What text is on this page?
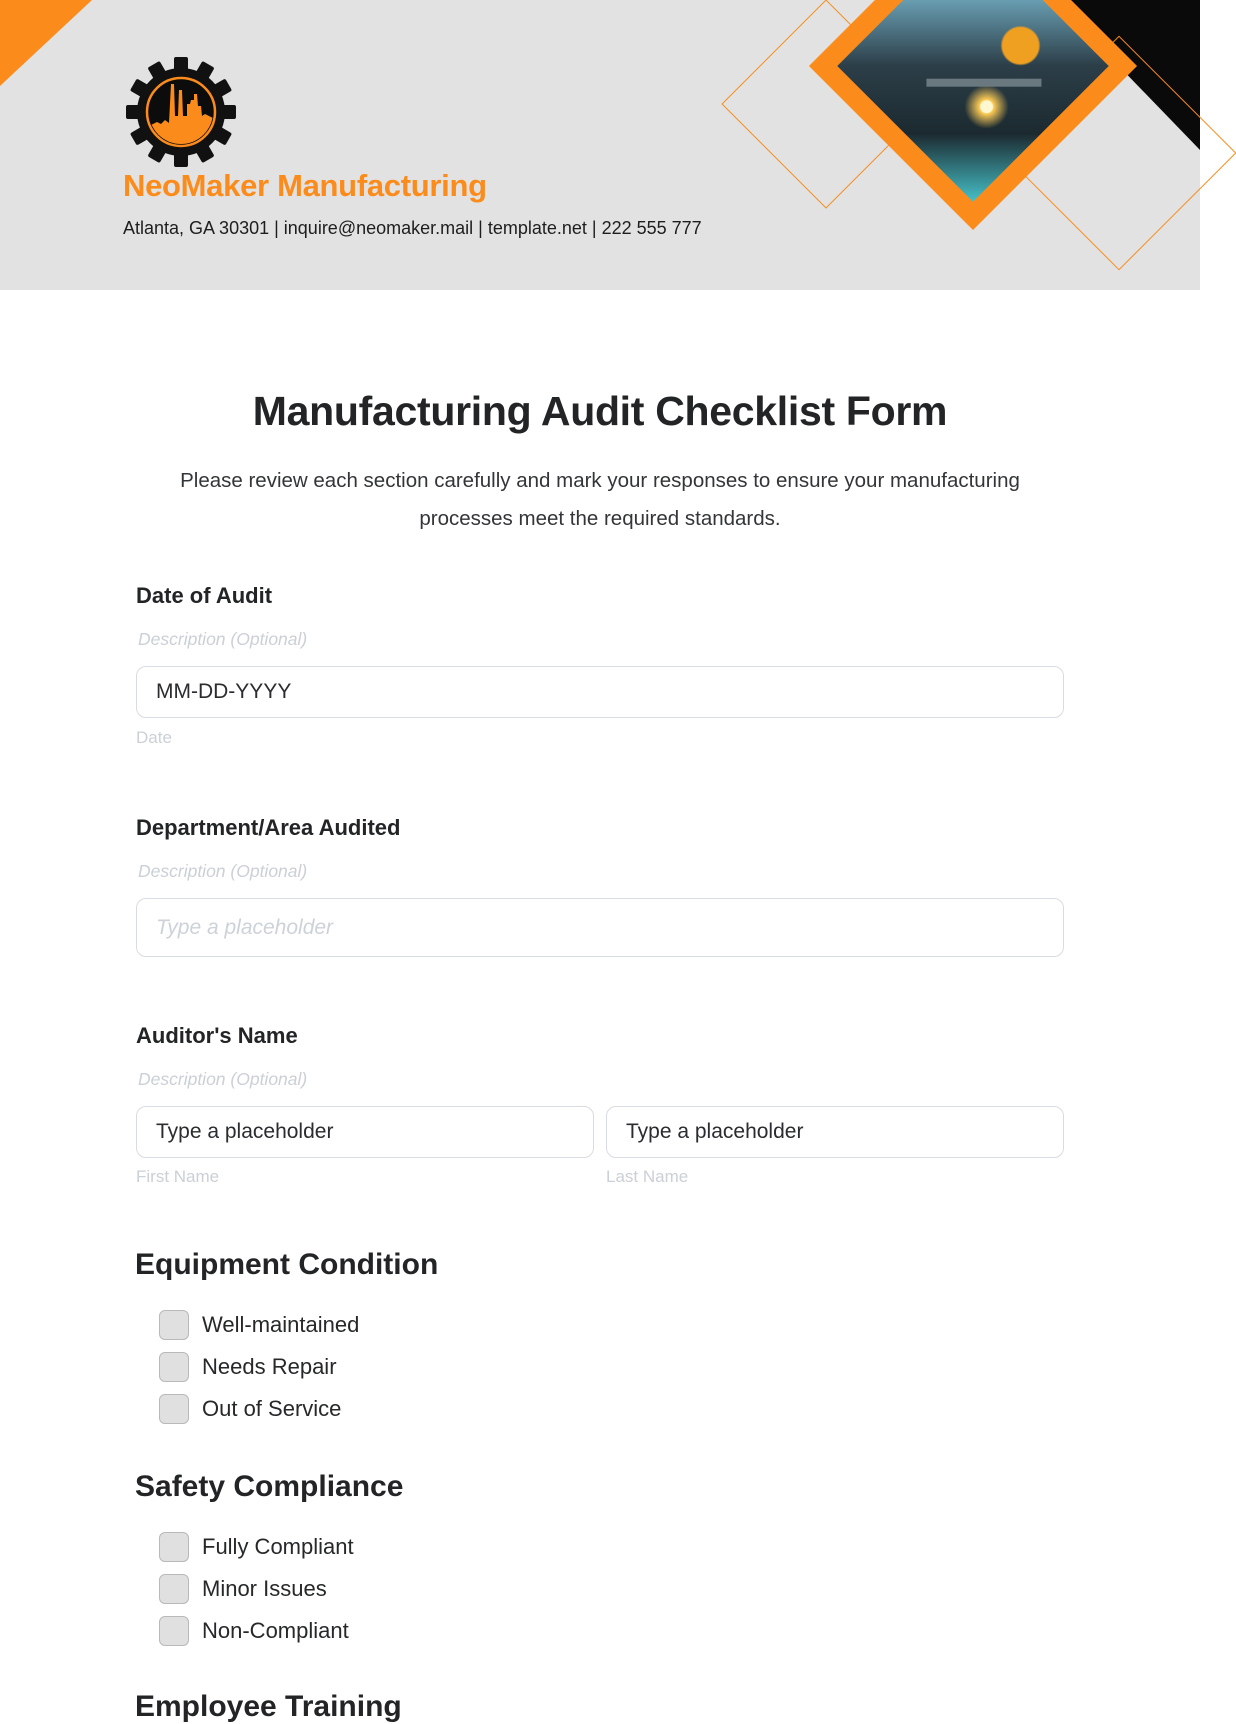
NeoMaker Manufacturing
Atlanta, GA 30301 | inquire@neomaker.mail | template.net | 222 555 777
Manufacturing Audit Checklist Form

Please review each section carefully and mark your responses to ensure your manufacturing processes meet the required standards.

Date of Audit
Description (Optional)
MM-DD-YYYY
Date
Department/Area Audited
Description (Optional)
Type a placeholder
Auditor's Name
Description (Optional)
Type a placeholder	Type a placeholder
First Name	Last Name
Equipment Condition
Well-maintained
Needs Repair
Out of Service
Safety Compliance
Fully Compliant
Minor Issues
Non-Compliant
Employee Training
